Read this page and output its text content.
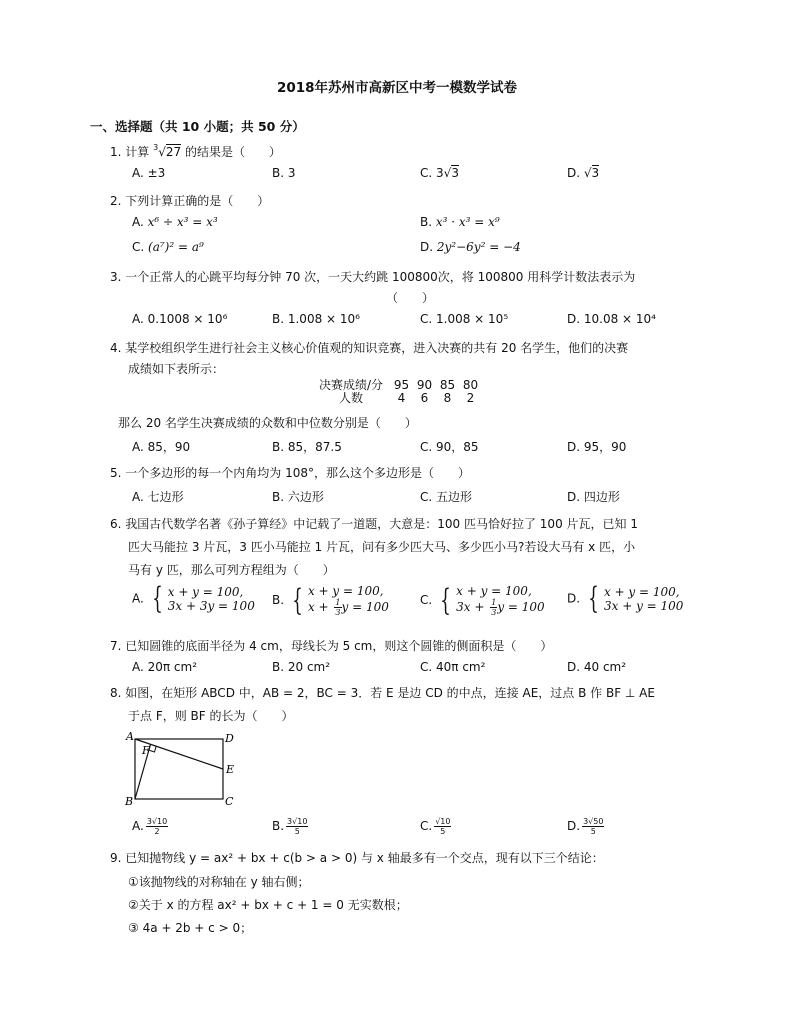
2018年苏州市高新区中考一模数学试卷
一、选择题（共 10 小题；共 50 分）
1. 计算 $^3$√27 的结果是（　　）
A. ±3	B. 3	C. 3√3	D. √3
2. 下列计算正确的是（　　）
A. x⁶ ÷ x³ = x³	B. x³ · x³ = x⁹
C. (a⁷)² = a⁹	D. 2y²−6y² = −4
3. 一个正常人的心跳平均每分钟 70 次，一天大约跳 100800次，将 100800 用科学计数法表示为
（　　）
A. 0.1008 × 10⁶	B. 1.008 × 10⁶	C. 1.008 × 10⁵	D. 10.08 × 10⁴
4. 某学校组织学生进行社会主义核心价值观的知识竞赛，进入决赛的共有 20 名学生，他们的决赛
成绩如下表所示：
决赛成绩/分 95 90 85 80
人数	4	6	8	2
那么 20 名学生决赛成绩的众数和中位数分别是（　　）
A. 85，90	B. 85，87.5	C. 90，85	D. 95，90
5. 一个多边形的每一个内角均为 108°，那么这个多边形是（　　）
A. 七边形	B. 六边形	C. 五边形	D. 四边形
6. 我国古代数学名著《孙子算经》中记载了一道题，大意是：100 匹马恰好拉了 100 片瓦，已知 1
匹大马能拉 3 片瓦，3 匹小马能拉 1 片瓦，问有多少匹大马、多少匹小马?若设大马有 x 匹，小
马有 y 匹，那么可列方程组为（　　）
A. { x + y = 100,
3x + 3y = 100 B. { x + y = 100,
$x + \frac{1}{3}$ y = 100	C. { x + y = 100,
$3x + \frac{1}{3}$ y = 100
D. { x + y = 100,
3x + y = 100
7. 已知圆锥的底面半径为 4 cm，母线长为 5 cm，则这个圆锥的侧面积是（　　）
A. 20π cm²	B. 20 cm²	C. 40π cm²	D. 40 cm²
8. 如图，在矩形 ABCD 中，AB = 2，BC = 3．若 E 是边 CD 的中点，连接 AE，过点 B 作 BF ⊥ AE
于点 F，则 BF 的长为（　　）
A
B	C
D
E
F
A. $\frac{3√10}{2}$	B. $\frac{3√10}{5}$	C. $\frac{√10}{5}$	D. $\frac{3√50}{5}$
9. 已知抛物线 y = ax² + bx + c(b > a > 0) 与 x 轴最多有一个交点，现有以下三个结论：
①该抛物线的对称轴在 y 轴右侧；
②关于 x 的方程 ax² + bx + c + 1 = 0 无实数根；
③ 4a + 2b + c > 0；
